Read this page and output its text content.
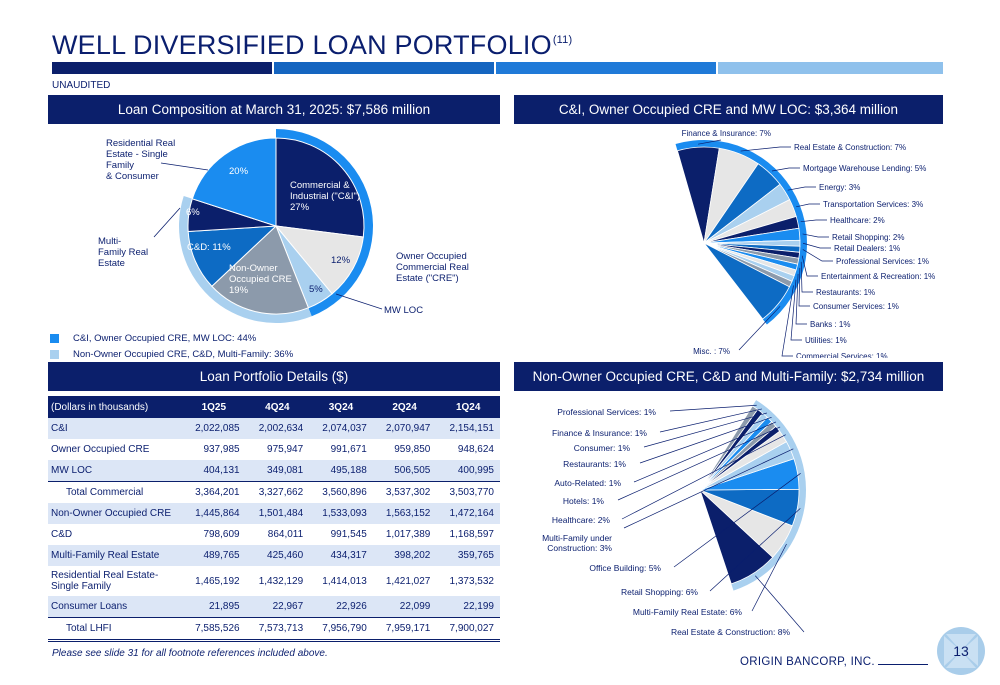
WELL DIVERSIFIED LOAN PORTFOLIO$^{(11)}$
UNAUDITED
Loan Composition at March 31, 2025: $7,586 million	C&I, Owner Occupied CRE and MW LOC: $3,364 million
Loan Portfolio Details ($)	Non-Owner Occupied CRE, C&D and Multi-Family: $2,734 million
Commercial & Industrial ("C&I") 27%
12%
5%
Non-Owner Occupied CRE 19%
C&D: 11%
6%
20%
Owner Occupied Commercial Real Estate ("CRE")
MW LOC
Multi-Family Real Estate
Residential Real Estate - Single Family & Consumer
C&I, Owner Occupied CRE, MW LOC: 44%
Non-Owner Occupied CRE, C&D, Multi-Family: 36%
Finance & Insurance: 7%
Real Estate & Construction: 7%
Mortgage Warehouse Lending: 5%
Energy: 3%
Transportation Services: 3%
Healthcare: 2%
Retail Shopping: 2%
Retail Dealers: 1%
Professional Services: 1%
Entertainment & Recreation: 1%
Restaurants: 1%
Consumer Services: 1%
Banks : 1%
Utilities: 1%
Commercial Services: 1%
Misc. : 7%
(Dollars in thousands)	1Q25	4Q24	3Q24	2Q24	1Q24
C&I	2,022,085	2,002,634	2,074,037	2,070,947	2,154,151
Owner Occupied CRE	937,985	975,947	991,671	959,850	948,624
MW LOC	404,131	349,081	495,188	506,505	400,995
Total Commercial	3,364,201	3,327,662	3,560,896	3,537,302	3,503,770
Non-Owner Occupied CRE	1,445,864	1,501,484	1,533,093	1,563,152	1,472,164
C&D	798,609	864,011	991,545	1,017,389	1,168,597
Multi-Family Real Estate	489,765	425,460	434,317	398,202	359,765
Residential Real Estate-
Single Family	1,465,192	1,432,129	1,414,013	1,421,027	1,373,532
Consumer Loans	21,895	22,967	22,926	22,099	22,199
Total LHFI	7,585,526	7,573,713	7,956,790	7,959,171	7,900,027	Real Estate & Construction: 8%
Multi-Family Real Estate: 6%
Retail Shopping: 6%
Office Building: 5%
Multi-Family under Construction: 3%
Healthcare: 2%
Hotels: 1%
Auto-Related: 1%
Restaurants: 1%
Consumer: 1%
Finance & Insurance: 1%
Professional Services: 1%
Please see slide 31 for all footnote references included above.
ORIGIN BANCORP, INC.
13
